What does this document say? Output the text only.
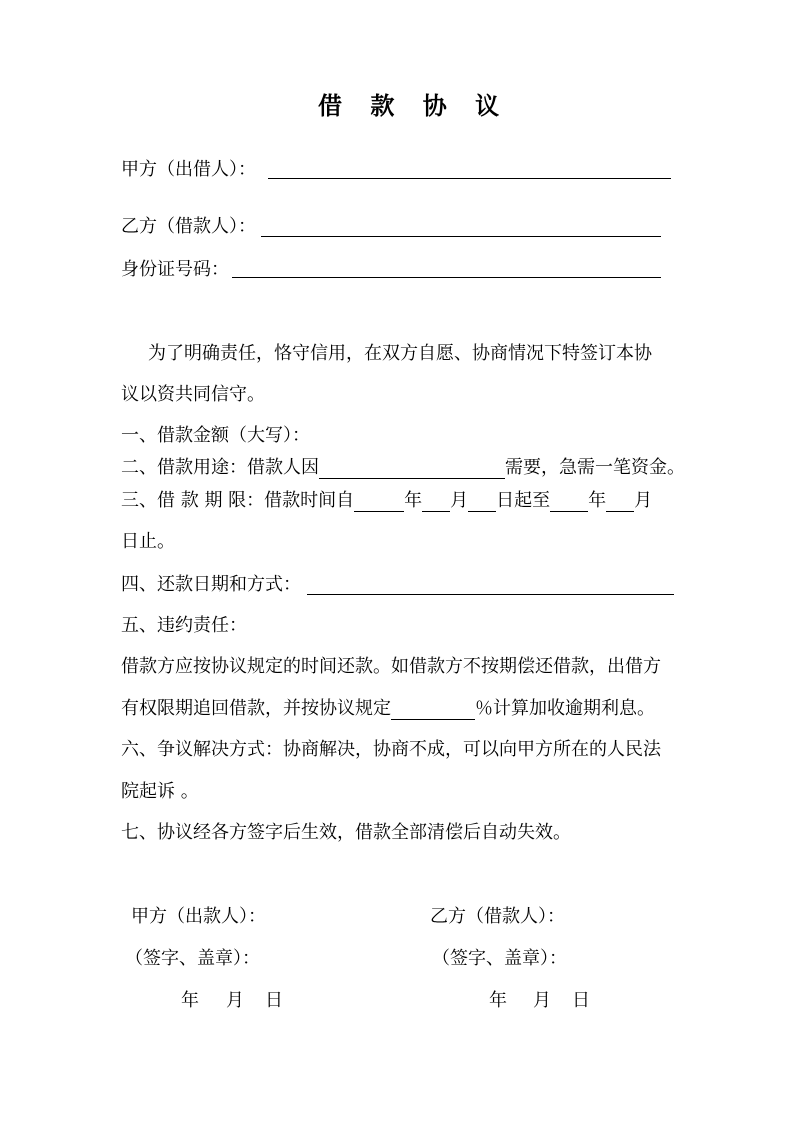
借 款 协 议
甲方（出借人）：
乙方（借款人）：
身份证号码：
为了明确责任，恪守信用，在双方自愿、协商情况下特签订本协
议以资共同信守。
一、借款金额（大写）：
二、借款用途：借款人因	需要，急需一笔资金。
三、借 款 期 限：借款时间自	年 月 日起至 年 月
日止。
四、还款日期和方式：
五、违约责任：
借款方应按协议规定的时间还款。如借款方不按期偿还借款，出借方
有权限期追回借款，并按协议规定	％计算加收逾期利息。
六、争议解决方式：协商解决，协商不成，可以向甲方所在的人民法
院起诉 。
七、协议经各方签字后生效，借款全部清偿后自动失效。
甲方（出款人）：
（签字、盖章）：
年 月 日
乙方（借款人）：
（签字、盖章）：
年 月 日
